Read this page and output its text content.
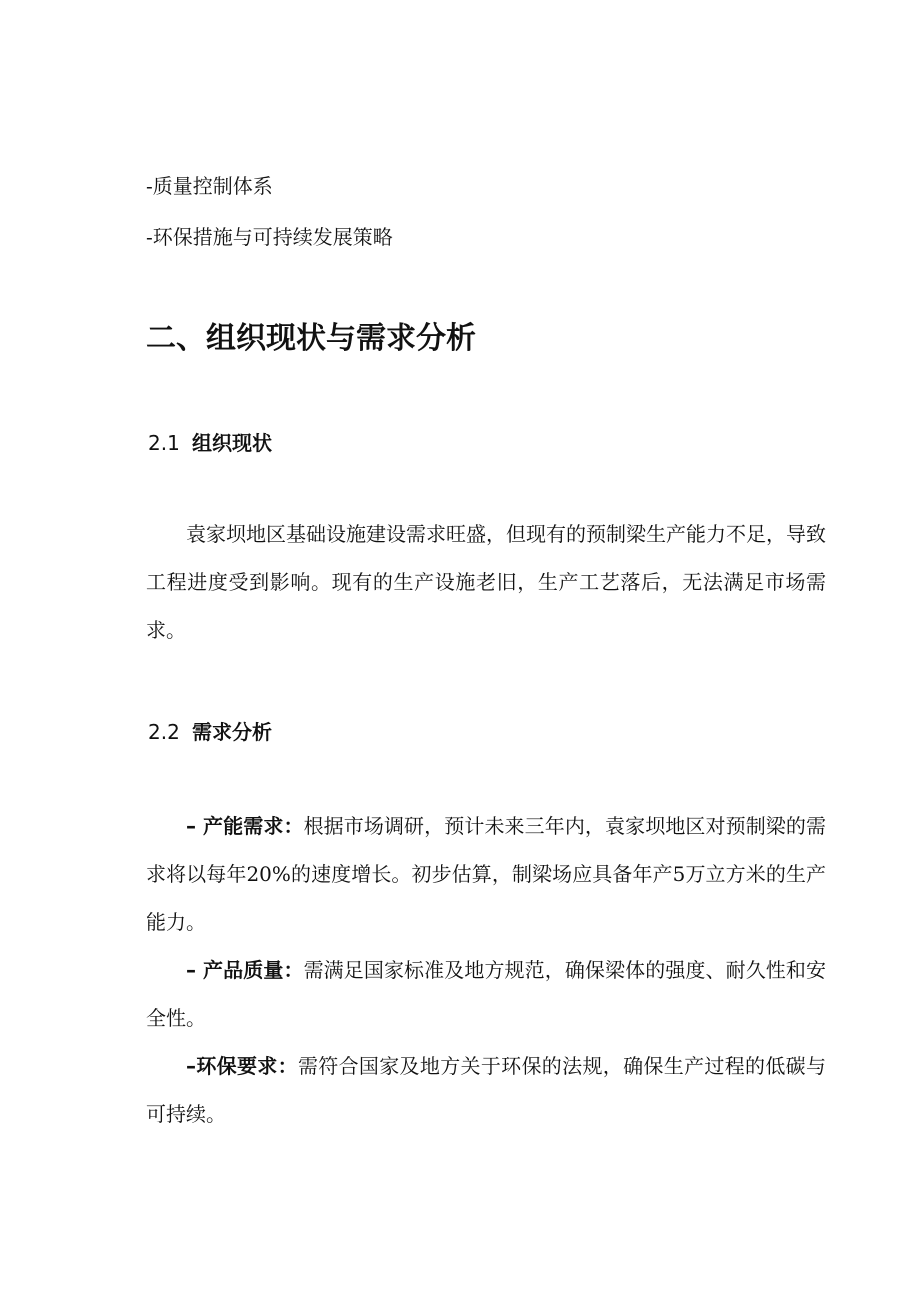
-质量控制体系
-环保措施与可持续发展策略
二、组织现状与需求分析
2.1 组织现状
袁家坝地区基础设施建设需求旺盛，但现有的预制梁生产能力不足，导致工程进度受到影响。现有的生产设施老旧，生产工艺落后，无法满足市场需求。
2.2 需求分析
– 产能需求：根据市场调研，预计未来三年内，袁家坝地区对预制梁的需求将以每年20%的速度增长。初步估算，制梁场应具备年产5万立方米的生产能力。
– 产品质量：需满足国家标准及地方规范，确保梁体的强度、耐久性和安全性。
–环保要求：需符合国家及地方关于环保的法规，确保生产过程的低碳与可持续。
